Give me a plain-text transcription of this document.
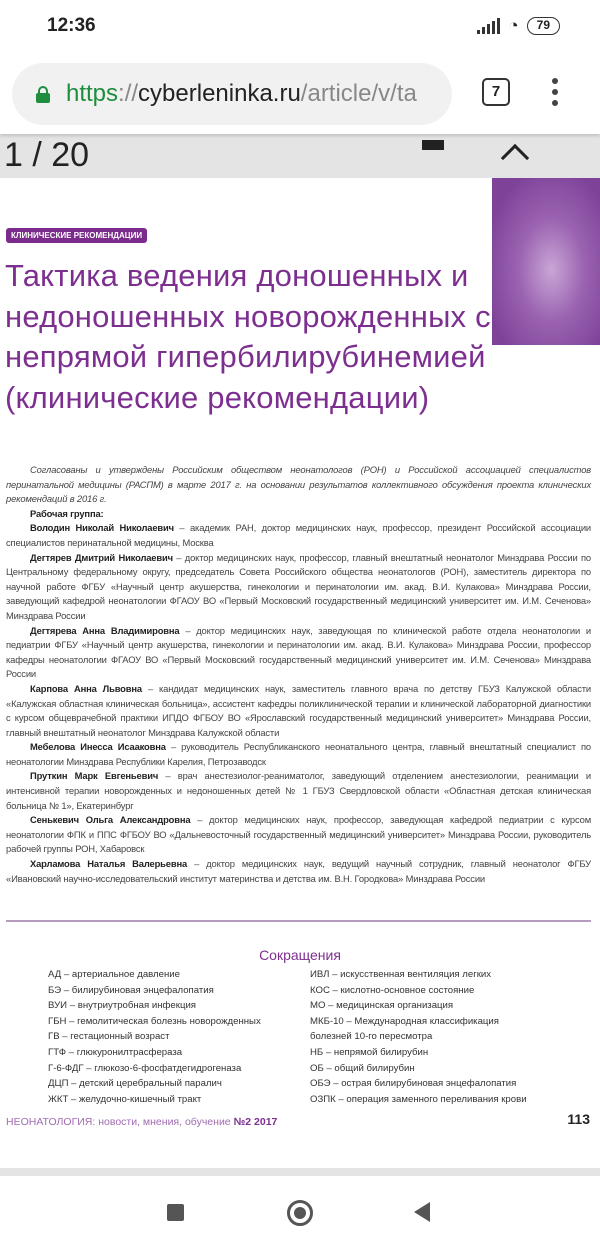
12:36	◔	79
https :// cyberleninka.ru /article/v/ta	7
1 / 20
КЛИНИЧЕСКИЕ РЕКОМЕНДАЦИИ
Тактика ведения доношенных и недоношенных новорожденных с непрямой гипербилирубинемией (клинические рекомендации)

Согласованы и утверждены Российским обществом неонатологов (РОН) и Российской ассоциацией специалистов перинатальной медицины (РАСПМ) в марте 2017 г. на основании результатов коллективного обсуждения проекта клинических рекомендаций в 2016 г.

Рабочая группа:

Володин Николай Николаевич – академик РАН, доктор медицинских наук, профессор, президент Российской ассоциации специалистов перинатальной медицины, Москва

Дегтярев Дмитрий Николаевич – доктор медицинских наук, профессор, главный внештатный неонатолог Минздрава России по Центральному федеральному округу, председатель Совета Российского общества неонатологов (РОН), заместитель директора по научной работе ФГБУ «Научный центр акушерства, гинекологии и перинатологии им. акад. В.И. Кулакова» Минздрава России, заведующий кафедрой неонатологии ФГАОУ ВО «Первый Московский государственный медицинский университет им. И.М. Сеченова» Минздрава России

Дегтярева Анна Владимировна – доктор медицинских наук, заведующая по клинической работе отдела неонатологии и педиатрии ФГБУ «Научный центр акушерства, гинекологии и перинатологии им. акад. В.И. Кулакова» Минздрава России, профессор кафедры неонатологии ФГАОУ ВО «Первый Московский государственный медицинский университет им. И.М. Сеченова» Минздрава России

Карпова Анна Львовна – кандидат медицинских наук, заместитель главного врача по детству ГБУЗ Калужской области «Калужская областная клиническая больница», ассистент кафедры поликлинической терапии и клинической лабораторной диагностики с курсом общеврачебной практики ИПДО ФГБОУ ВО «Ярославский государственный медицинский университет» Минздрава России, главный внештатный неонатолог Минздрава Калужской области

Мебелова Инесса Исааковна – руководитель Республиканского неонатального центра, главный внештатный специалист по неонатологии Минздрава Республики Карелия, Петрозаводск

Пруткин Марк Евгеньевич – врач анестезиолог-реаниматолог, заведующий отделением анестезиологии, реанимации и интенсивной терапии новорожденных и недоношенных детей № 1 ГБУЗ Свердловской области «Областная детская клиническая больница № 1», Екатеринбург

Сенькевич Ольга Александровна – доктор медицинских наук, профессор, заведующая кафедрой педиатрии с курсом неонатологии ФПК и ППС ФГБОУ ВО «Дальневосточный государственный медицинский университет» Минздрава России, руководитель рабочей группы РОН, Хабаровск

Харламова Наталья Валерьевна – доктор медицинских наук, ведущий научный сотрудник, главный неонатолог ФГБУ «Ивановский научно-исследовательский институт материнства и детства им. В.Н. Городкова» Минздрава России

Сокращения
АД – артериальное давление
БЭ – билирубиновая энцефалопатия
ВУИ – внутриутробная инфекция
ГБН – гемолитическая болезнь новорожденных
ГВ – гестационный возраст
ГТФ – глюкуронилтрасфераза
Г-6-ФДГ – глюкозо-6-фосфатдегидрогеназа
ДЦП – детский церебральный паралич
ЖКТ – желудочно-кишечный тракт
ИВЛ – искусственная вентиляция легких
КОС – кислотно-основное состояние
МО – медицинская организация
МКБ-10 – Международная классификация
болезней 10-го пересмотра
НБ – непрямой билирубин
ОБ – общий билирубин
ОБЭ – острая билирубиновая энцефалопатия
ОЗПК – операция заменного переливания крови
НЕОНАТОЛОГИЯ: новости, мнения, обучение №2 2017	113
